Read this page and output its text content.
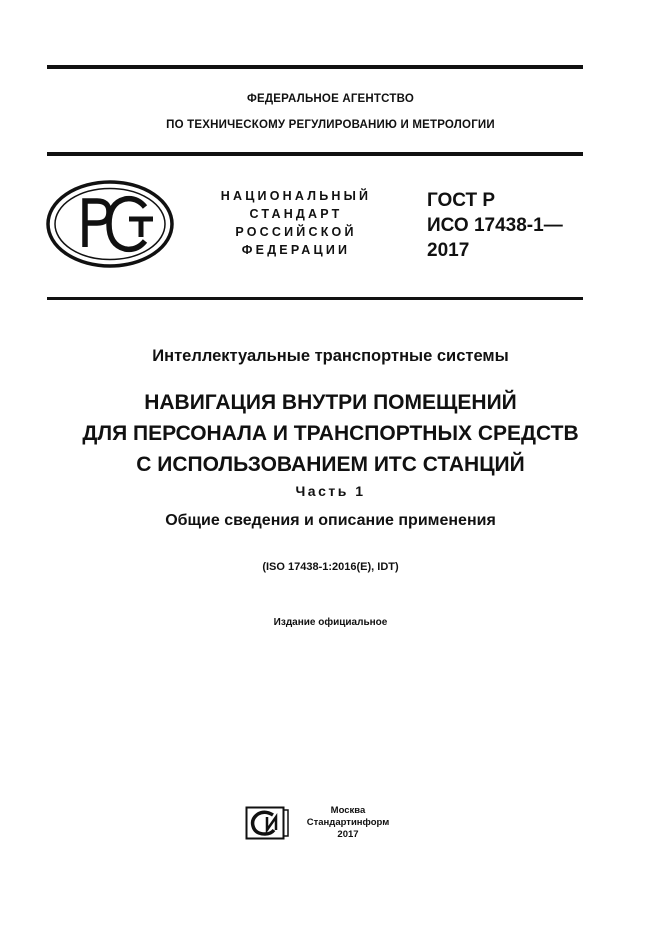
ФЕДЕРАЛЬНОЕ АГЕНТСТВО
ПО ТЕХНИЧЕСКОМУ РЕГУЛИРОВАНИЮ И МЕТРОЛОГИИ
НАЦИОНАЛЬНЫЙ
СТАНДАРТ
РОССИЙСКОЙ
ФЕДЕРАЦИИ
ГОСТ Р
ИСО 17438-1—
2017
Интеллектуальные транспортные системы
НАВИГАЦИЯ ВНУТРИ ПОМЕЩЕНИЙ
ДЛЯ ПЕРСОНАЛА И ТРАНСПОРТНЫХ СРЕДСТВ
С ИСПОЛЬЗОВАНИЕМ ИТС СТАНЦИЙ
Часть 1
Общие сведения и описание применения
(ISO 17438-1:2016(E), IDT)
Издание официальное
Москва
Стандартинформ
2017
